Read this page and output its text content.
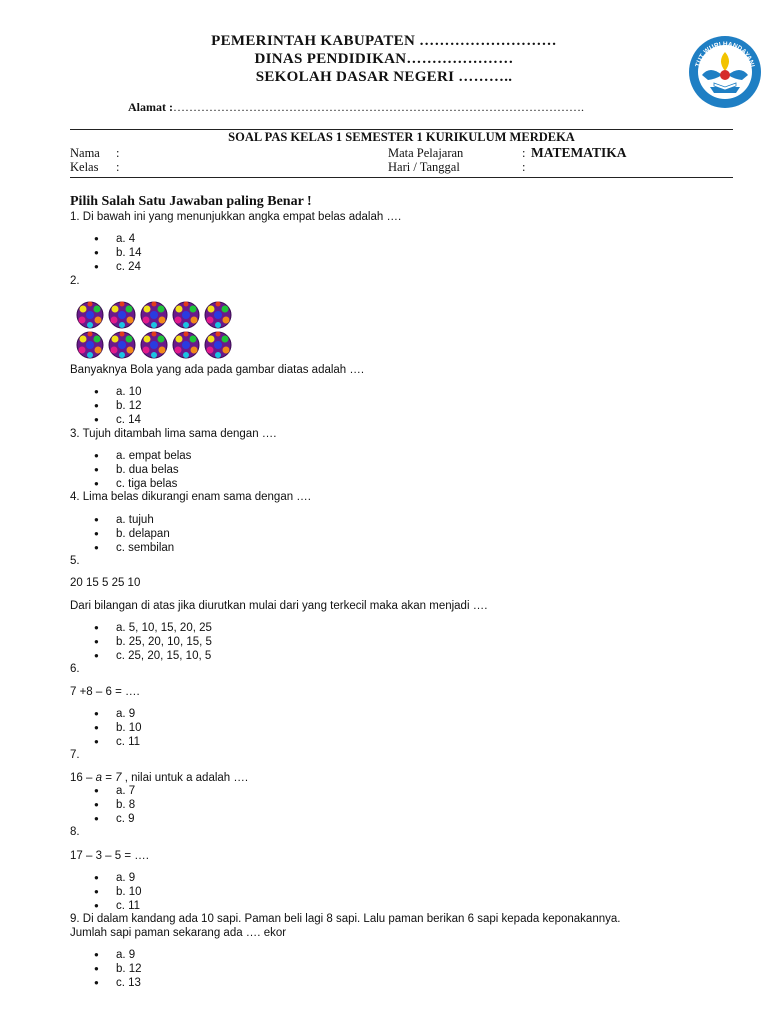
PEMERINTAH KABUPATEN ………………………
DINAS PENDIDIKAN…………………
SEKOLAH DASAR NEGERI ………..
TUT WURI HANDAYANI
Alamat :………………………………………………………………………………………….
SOAL PAS KELAS 1 SEMESTER 1 KURIKULUM MERDEKA
Nama :
Kelas :
Mata Pelajaran	: MATEMATIKA
Hari / Tanggal	:
Pilih Salah Satu Jawaban paling Benar !
1. Di bawah ini yang menunjukkan angka empat belas adalah ….
● a. 4
● b. 14
● c. 24
2.
Banyaknya Bola yang ada pada gambar diatas adalah ….
● a. 10
● b. 12
● c. 14
3. Tujuh ditambah lima sama dengan ….
● a. empat belas
● b. dua belas
● c. tiga belas
4. Lima belas dikurangi enam sama dengan ….
● a. tujuh
● b. delapan
● c. sembilan
5.
20 15 5 25 10
Dari bilangan di atas jika diurutkan mulai dari yang terkecil maka akan menjadi ….
● a. 5, 10, 15, 20, 25
● b. 25, 20, 10, 15, 5
● c. 25, 20, 15, 10, 5
6.
7 +8 – 6 = ….
● a. 9
● b. 10
● c. 11
7.
16 – a = 7 , nilai untuk a adalah ….
● a. 7
● b. 8
● c. 9
8.
17 – 3 – 5 = ….
● a. 9
● b. 10
● c. 11
9. Di dalam kandang ada 10 sapi. Paman beli lagi 8 sapi. Lalu paman berikan 6 sapi kepada keponakannya.
Jumlah sapi paman sekarang ada …. ekor
● a. 9
● b. 12
● c. 13
